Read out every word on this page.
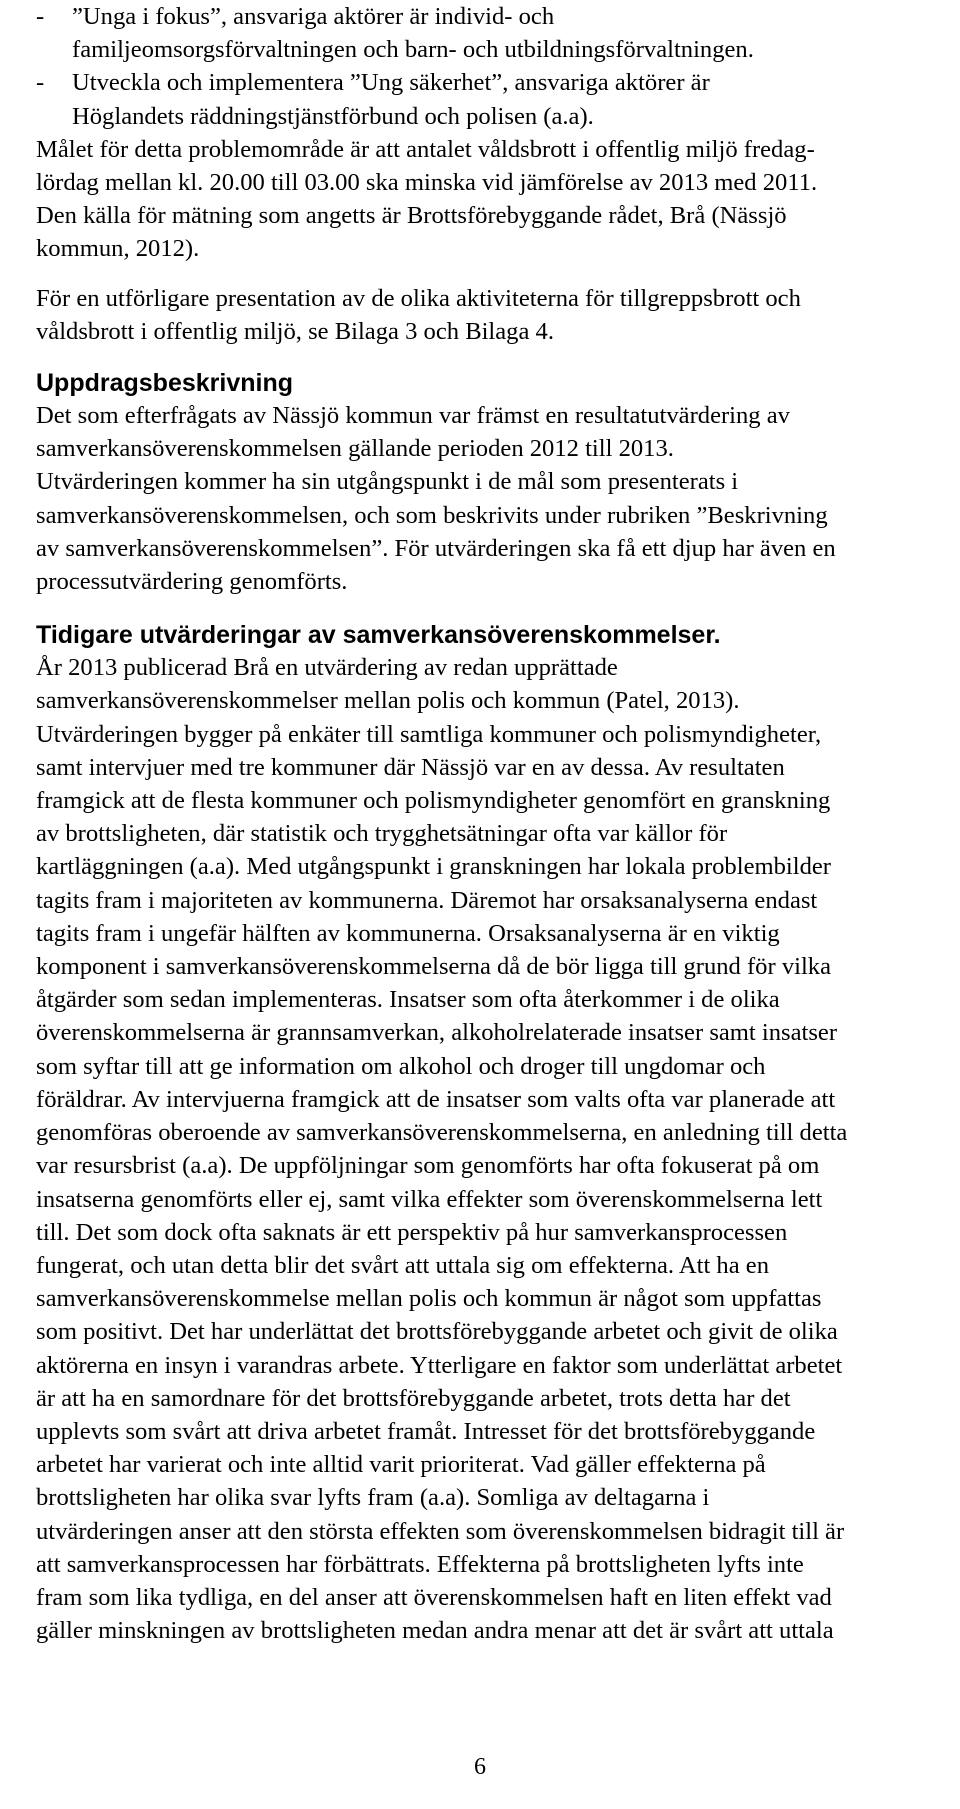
- ”Unga i fokus”, ansvariga aktörer är individ- och
familjeomsorgsförvaltningen och barn- och utbildningsförvaltningen.
- Utveckla och implementera ”Ung säkerhet”, ansvariga aktörer är
Höglandets räddningstjänstförbund och polisen (a.a).
Målet för detta problemområde är att antalet våldsbrott i offentlig miljö fredag-
lördag mellan kl. 20.00 till 03.00 ska minska vid jämförelse av 2013 med 2011.
Den källa för mätning som angetts är Brottsförebyggande rådet, Brå (Nässjö
kommun, 2012).
För en utförligare presentation av de olika aktiviteterna för tillgreppsbrott och
våldsbrott i offentlig miljö, se Bilaga 3 och Bilaga 4.
Uppdragsbeskrivning
Det som efterfrågats av Nässjö kommun var främst en resultatutvärdering av
samverkansöverenskommelsen gällande perioden 2012 till 2013.
Utvärderingen kommer ha sin utgångspunkt i de mål som presenterats i
samverkansöverenskommelsen, och som beskrivits under rubriken ”Beskrivning
av samverkansöverenskommelsen”. För utvärderingen ska få ett djup har även en
processutvärdering genomförts.
Tidigare utvärderingar av samverkansöverenskommelser.
År 2013 publicerad Brå en utvärdering av redan upprättade
samverkansöverenskommelser mellan polis och kommun (Patel, 2013).
Utvärderingen bygger på enkäter till samtliga kommuner och polismyndigheter,
samt intervjuer med tre kommuner där Nässjö var en av dessa. Av resultaten
framgick att de flesta kommuner och polismyndigheter genomfört en granskning
av brottsligheten, där statistik och trygghetsätningar ofta var källor för
kartläggningen (a.a). Med utgångspunkt i granskningen har lokala problembilder
tagits fram i majoriteten av kommunerna. Däremot har orsaksanalyserna endast
tagits fram i ungefär hälften av kommunerna. Orsaksanalyserna är en viktig
komponent i samverkansöverenskommelserna då de bör ligga till grund för vilka
åtgärder som sedan implementeras. Insatser som ofta återkommer i de olika
överenskommelserna är grannsamverkan, alkoholrelaterade insatser samt insatser
som syftar till att ge information om alkohol och droger till ungdomar och
föräldrar. Av intervjuerna framgick att de insatser som valts ofta var planerade att
genomföras oberoende av samverkansöverenskommelserna, en anledning till detta
var resursbrist (a.a). De uppföljningar som genomförts har ofta fokuserat på om
insatserna genomförts eller ej, samt vilka effekter som överenskommelserna lett
till. Det som dock ofta saknats är ett perspektiv på hur samverkansprocessen
fungerat, och utan detta blir det svårt att uttala sig om effekterna. Att ha en
samverkansöverenskommelse mellan polis och kommun är något som uppfattas
som positivt. Det har underlättat det brottsförebyggande arbetet och givit de olika
aktörerna en insyn i varandras arbete. Ytterligare en faktor som underlättat arbetet
är att ha en samordnare för det brottsförebyggande arbetet, trots detta har det
upplevts som svårt att driva arbetet framåt. Intresset för det brottsförebyggande
arbetet har varierat och inte alltid varit prioriterat. Vad gäller effekterna på
brottsligheten har olika svar lyfts fram (a.a). Somliga av deltagarna i
utvärderingen anser att den största effekten som överenskommelsen bidragit till är
att samverkansprocessen har förbättrats. Effekterna på brottsligheten lyfts inte
fram som lika tydliga, en del anser att överenskommelsen haft en liten effekt vad
gäller minskningen av brottsligheten medan andra menar att det är svårt att uttala
6
